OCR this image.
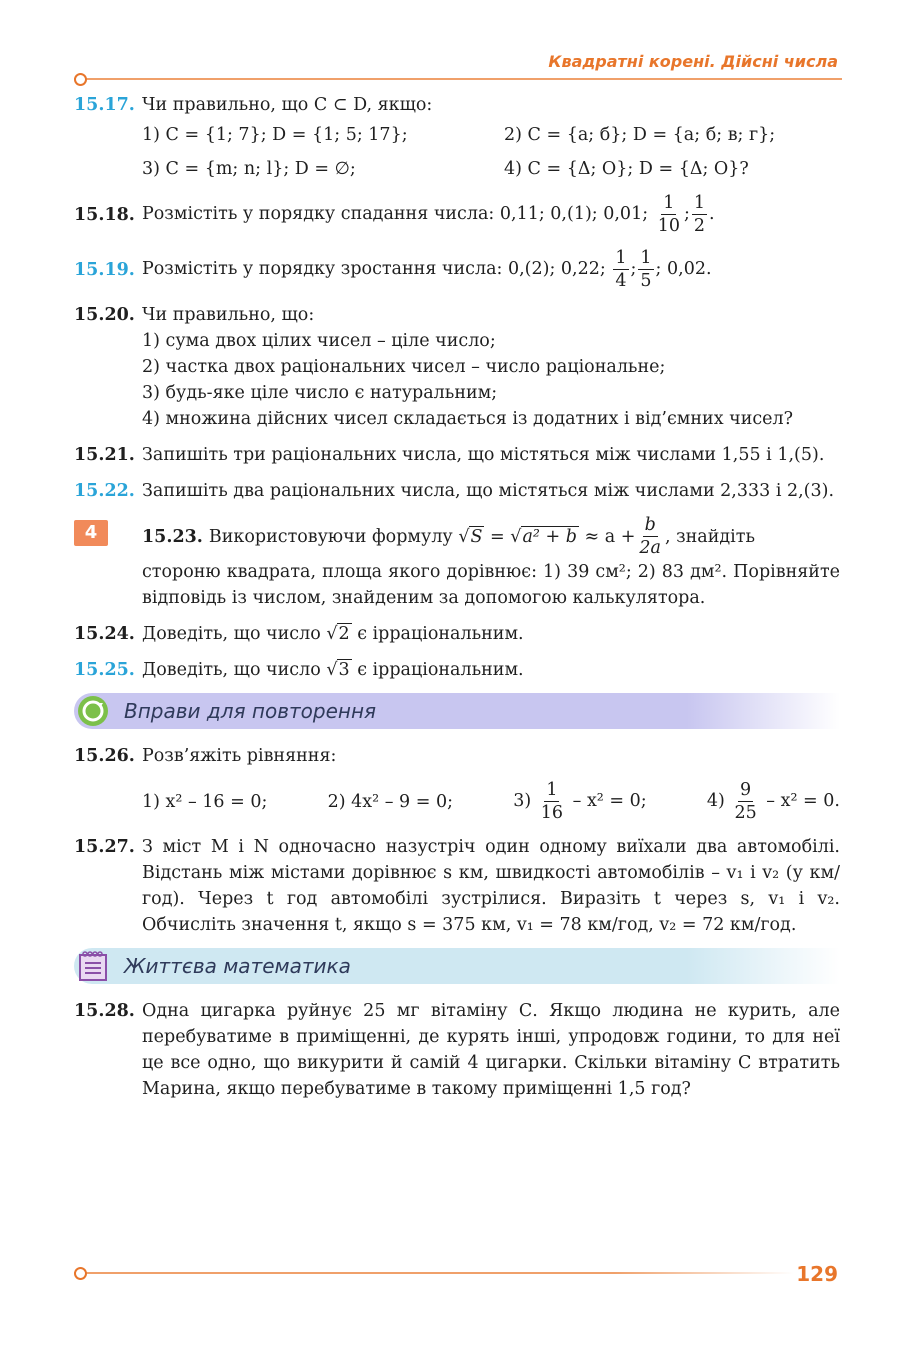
Квадратні корені. Дійсні числа
15.17. Чи правильно, що C ⊂ D, якщо:
1) C = {1; 7}; D = {1; 5; 17};	2) C = {а; б}; D = {а; б; в; г};
3) C = {m; n; l}; D = ∅;	4) C = {Δ; O}; D = {Δ; O}?
15.18. Розмістіть у порядку спадання числа: 0,11; 0,(1); 0,01; $\frac{1}{10}$ ; $\frac{1}{2}$ .
15.19. Розмістіть у порядку зростання числа: 0,(2); 0,22; $\frac{1}{4}$ ; $\frac{1}{5}$ ; 0,02.
15.20. Чи правильно, що:
1) сума двох цілих чисел – ціле число;
2) частка двох раціональних чисел – число раціональне;
3) будь-яке ціле число є натуральним;
4) множина дійсних чисел складається із додатних і від’ємних чисел?
15.21. Запишіть три раціональних числа, що містяться між числами 1,55 і 1,(5).
15.22. Запишіть два раціональних числа, що містяться між числами 2,333 і 2,(3).
4	15.23. Використовуючи формулу
√S
=
√a² + b
≈ $a + \frac{b}{2a}$ , знайдіть
стороню квадрата, площа якого дорівнює: 1) 39 см²; 2) 83 дм². Порівняйте відповідь із числом, знайденим за допомогою калькулятора.
15.24. Доведіть, що число √2 є ірраціональним.
15.25. Доведіть, що число √3 є ірраціональним.
Вправи для повторення
15.26. Розв’яжіть рівняння:
1) x² – 16 = 0;	2) 4x² – 9 = 0;	$3) \frac{1}{16} - x^2 = 0$;	$4) \frac{9}{25} - x^2 = 0$.
15.27. З міст M і N одночасно назустріч один одному виїхали два автомобілі. Відстань між містами дорівнює s км, швидкості автомобілів – v₁ і v₂ (у км/год). Через t год автомобілі зустрілися. Виразіть t через s, v₁ і v₂. Обчисліть значення t, якщо s = 375 км, v₁ = 78 км/год, v₂ = 72 км/год.
Життєва математика
15.28. Одна цигарка руйнує 25 мг вітаміну С. Якщо людина не курить, але перебуватиме в приміщенні, де курять інші, упродовж години, то для неї це все одно, що викурити й самій 4 цигарки. Скільки вітаміну С втратить Марина, якщо перебуватиме в такому приміщенні 1,5 год?
129
